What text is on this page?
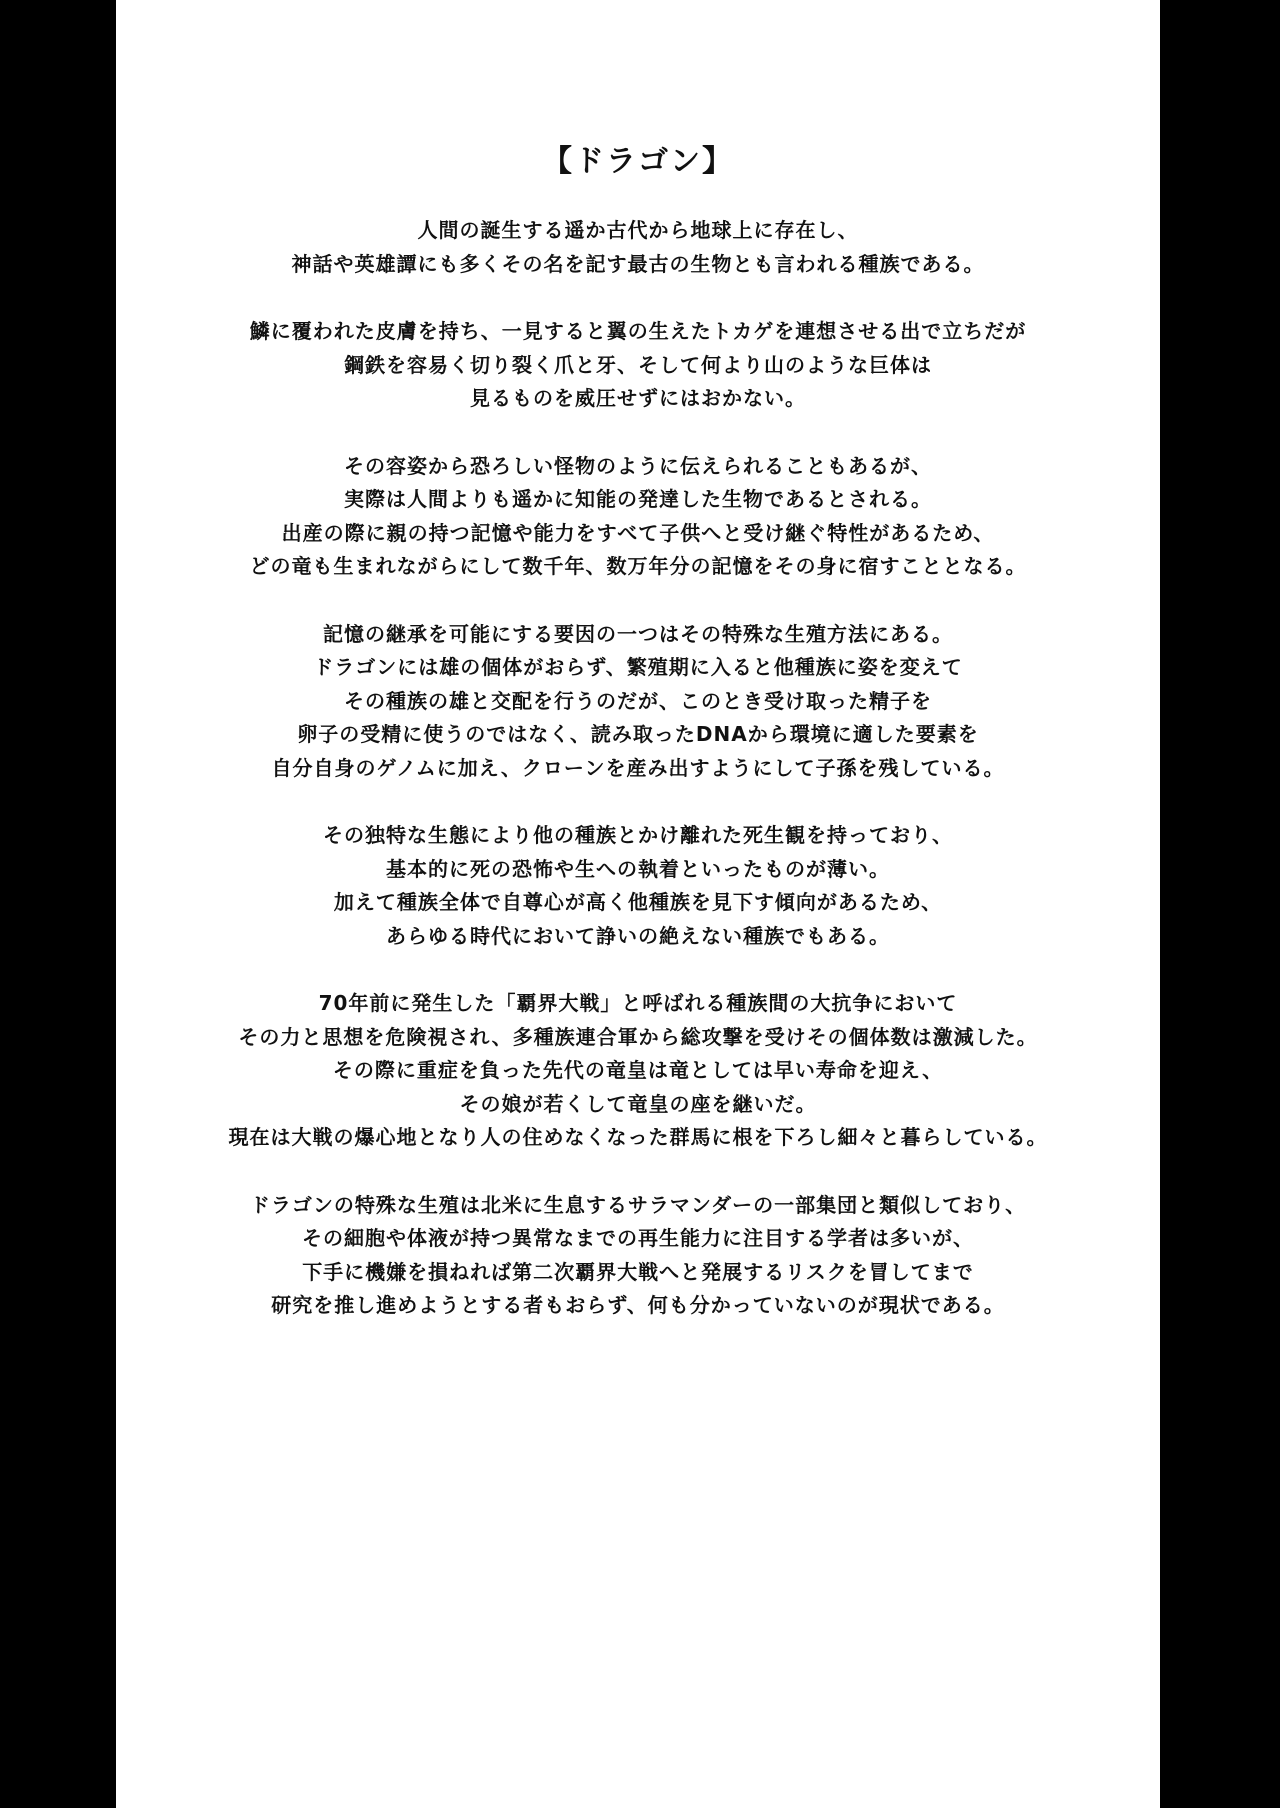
【ドラゴン】
人間の誕生する遥か古代から地球上に存在し、
神話や英雄譚にも多くその名を記す最古の生物とも言われる種族である。
鱗に覆われた皮膚を持ち、一見すると翼の生えたトカゲを連想させる出で立ちだが
鋼鉄を容易く切り裂く爪と牙、そして何より山のような巨体は
見るものを威圧せずにはおかない。
その容姿から恐ろしい怪物のように伝えられることもあるが、
実際は人間よりも遥かに知能の発達した生物であるとされる。
出産の際に親の持つ記憶や能力をすべて子供へと受け継ぐ特性があるため、
どの竜も生まれながらにして数千年、数万年分の記憶をその身に宿すこととなる。
記憶の継承を可能にする要因の一つはその特殊な生殖方法にある。
ドラゴンには雄の個体がおらず、繁殖期に入ると他種族に姿を変えて
その種族の雄と交配を行うのだが、このとき受け取った精子を
卵子の受精に使うのではなく、読み取ったDNAから環境に適した要素を
自分自身のゲノムに加え、クローンを産み出すようにして子孫を残している。
その独特な生態により他の種族とかけ離れた死生観を持っており、
基本的に死の恐怖や生への執着といったものが薄い。
加えて種族全体で自尊心が高く他種族を見下す傾向があるため、
あらゆる時代において諍いの絶えない種族でもある。
70年前に発生した「覇界大戦」と呼ばれる種族間の大抗争において
その力と思想を危険視され、多種族連合軍から総攻撃を受けその個体数は激減した。
その際に重症を負った先代の竜皇は竜としては早い寿命を迎え、
その娘が若くして竜皇の座を継いだ。
現在は大戦の爆心地となり人の住めなくなった群馬に根を下ろし細々と暮らしている。
ドラゴンの特殊な生殖は北米に生息するサラマンダーの一部集団と類似しており、
その細胞や体液が持つ異常なまでの再生能力に注目する学者は多いが、
下手に機嫌を損ねれば第二次覇界大戦へと発展するリスクを冒してまで
研究を推し進めようとする者もおらず、何も分かっていないのが現状である。
